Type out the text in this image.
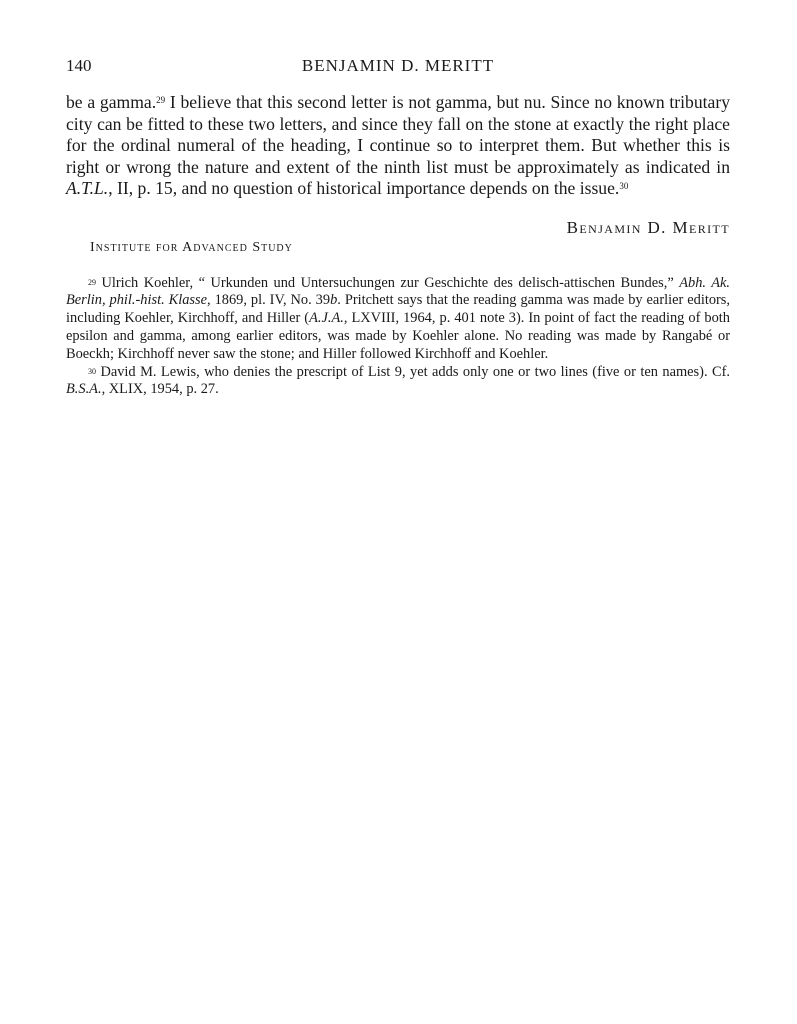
140	BENJAMIN D. MERITT

be a gamma.$^{29}$ I believe that this second letter is not gamma, but nu. Since no known tributary city can be fitted to these two letters, and since they fall on the stone at exactly the right place for the ordinal numeral of the heading, I continue so to interpret them. But whether this is right or wrong the nature and extent of the ninth list must be approximately as indicated in A.T.L., II, p. 15, and no question of historical importance depends on the issue.$^{30}$

Benjamin D. Meritt
Institute for Advanced Study
$^{29}$ Ulrich Koehler, “ Urkunden und Untersuchungen zur Geschichte des delisch-attischen Bundes,” Abh. Ak. Berlin, phil.-hist. Klasse, 1869, pl. IV, No. 39b. Pritchett says that the reading gamma was made by earlier editors, including Koehler, Kirchhoff, and Hiller (A.J.A., LXVIII, 1964, p. 401 note 3). In point of fact the reading of both epsilon and gamma, among earlier editors, was made by Koehler alone. No reading was made by Rangabé or Boeckh; Kirchhoff never saw the stone; and Hiller followed Kirchhoff and Koehler.
$^{30}$ David M. Lewis, who denies the prescript of List 9, yet adds only one or two lines (five or ten names). Cf. B.S.A., XLIX, 1954, p. 27.
